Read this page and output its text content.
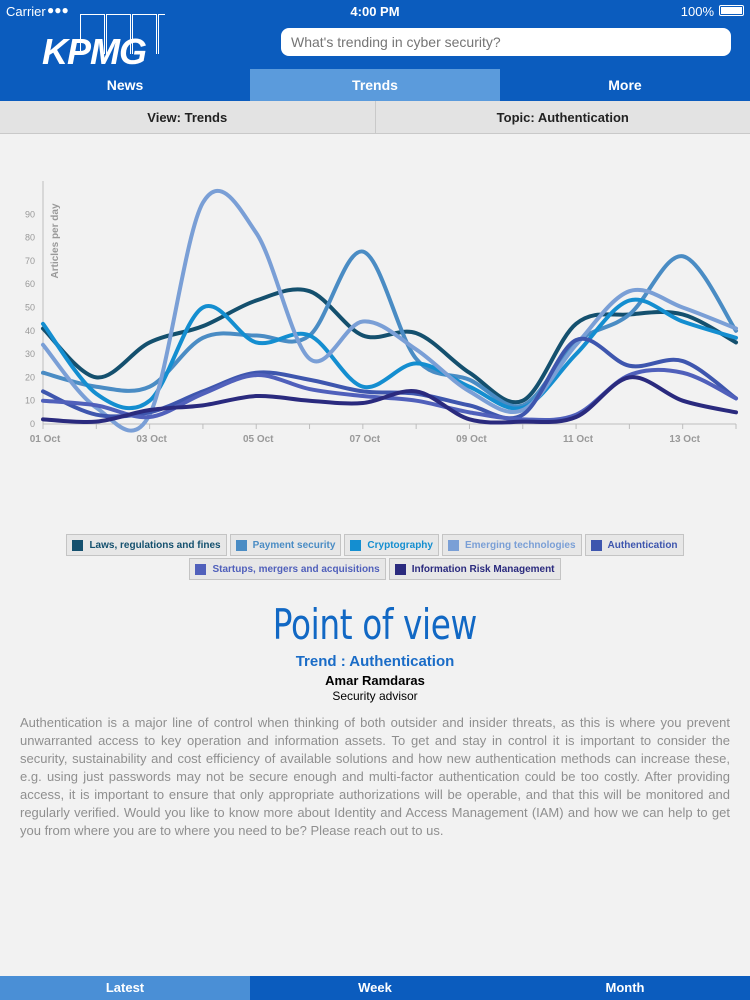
Carrier ●●●	4:00 PM	100%
KPMG
What's trending in cyber security?
News	Trends	More
View: Trends	Topic: Authentication
0
10
20
30
40
50
60
70
80
90 Articles per day
01 Oct	03 Oct	05 Oct	07 Oct	09 Oct	11 Oct	13 Oct
Laws, regulations and fines	Payment security	Cryptography	Emerging technologies	Authentication
Startups, mergers and acquisitions	Information Risk Management
Point of view
Trend : Authentication
Amar Ramdaras
Security advisor

Authentication is a major line of control when thinking of both outsider and insider threats, as this is where you prevent unwarranted access to key operation and information assets. To get and stay in control it is important to consider the security, sustainability and cost efficiency of available solutions and how new authentication methods can increase these, e.g. using just passwords may not be secure enough and multi-factor authentication could be too costly. After providing access, it is important to ensure that only appropriate authorizations will be operable, and that this will be monitored and regularly verified. Would you like to know more about Identity and Access Management (IAM) and how we can help to get you from where you are to where you need to be? Please reach out to us.

Latest	Week	Month
